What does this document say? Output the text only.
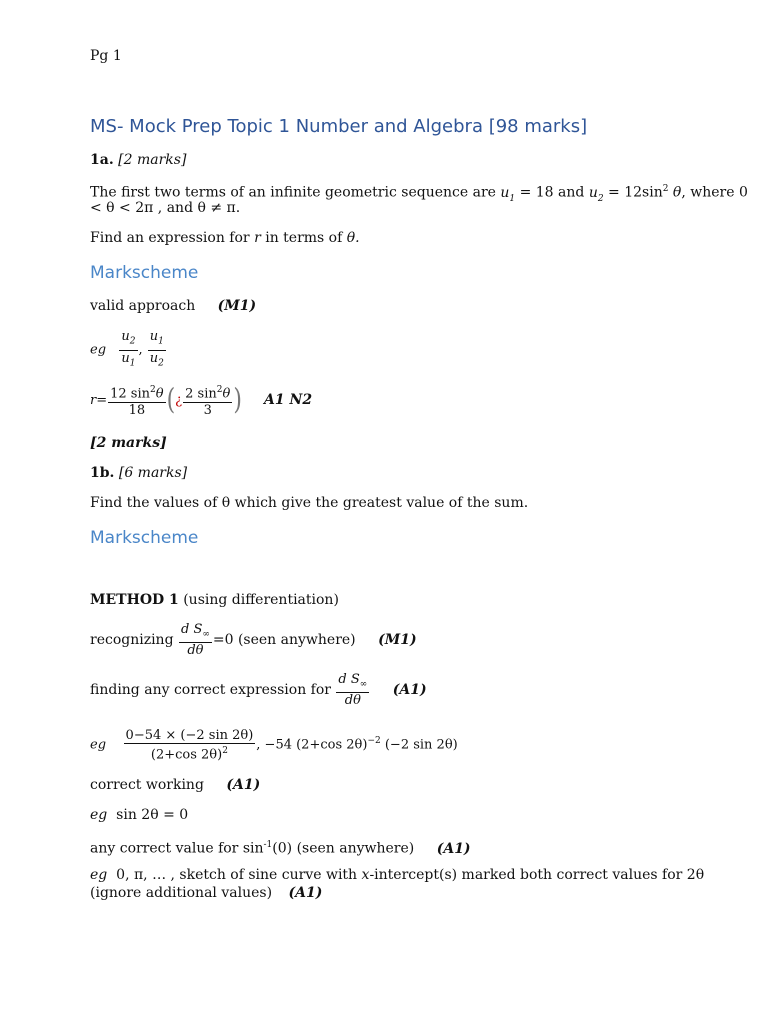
Pg 1
MS- Mock Prep Topic 1 Number and Algebra [98 marks]
1a. [2 marks]
The first two terms of an infinite geometric sequence are $u_1 = 18$ and $u_2 = 12\sin^2$ θ, where 0
< θ < 2π , and θ ≠ π.
Find an expression for r in terms of θ.
Markscheme
valid approach (M1)
eg $\frac{u_2}{u_1}$ , $\frac{u_1}{u_2}$
$r= \frac{12 \sin^2\theta}{18}$ (¿ $\frac{2 \sin^2\theta}{3}$ ) A1 N2
[2 marks]
1b. [6 marks]
Find the values of θ which give the greatest value of the sum.
Markscheme
METHOD 1 (using differentiation)
recognizing $\frac{d S_\infty}{d\theta} =0$ (seen anywhere) (M1)
finding any correct expression for $\frac{d S_\infty}{d\theta} (A1)$
eg $\frac{0-54 \times (-2 \sin 2\theta)}{(2+\cos 2\theta)^2}$ , −54 (2+cos 2θ)$^{-2}$ (−2 sin 2θ)
correct working (A1)
eg sin 2θ = 0
any correct value for $\sin^{-1}(0)$ (seen anywhere) (A1)
eg 0, π, … , sketch of sine curve with x-intercept(s) marked both correct values for 2θ
(ignore additional values) (A1)
